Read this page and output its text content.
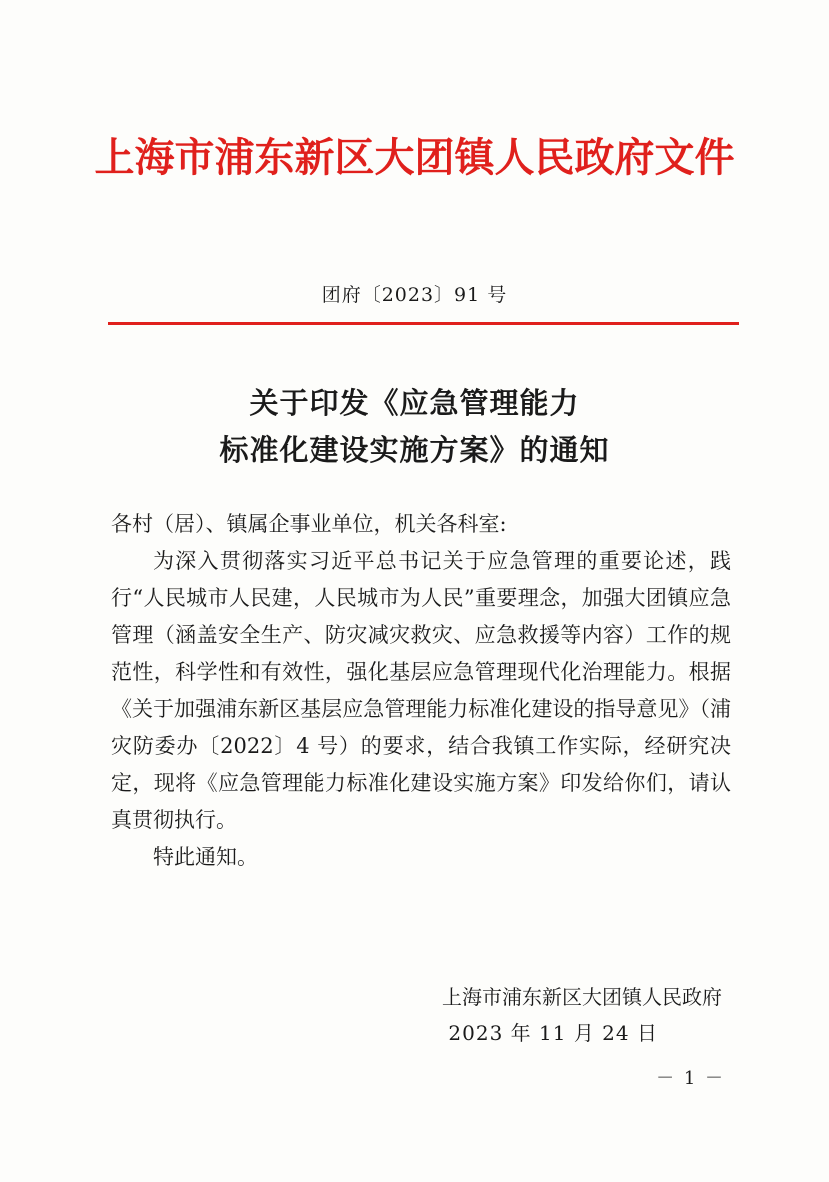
上海市浦东新区大团镇人民政府文件
团府〔2023〕91 号
关于印发《应急管理能力
标准化建设实施方案》的通知

各村（居）、镇属企事业单位，机关各科室:

为深入贯彻落实习近平总书记关于应急管理的重要论述，践行“人民城市人民建，人民城市为人民”重要理念，加强大团镇应急管理（涵盖安全生产、防灾减灾救灾、应急救援等内容）工作的规范性，科学性和有效性，强化基层应急管理现代化治理能力。根据《关于加强浦东新区基层应急管理能力标准化建设的指导意见》（浦灾防委办〔2022〕4 号）的要求，结合我镇工作实际，经研究决定，现将《应急管理能力标准化建设实施方案》印发给你们，请认真贯彻执行。

特此通知。

上海市浦东新区大团镇人民政府
2023 年 11 月 24 日
－ 1 －
